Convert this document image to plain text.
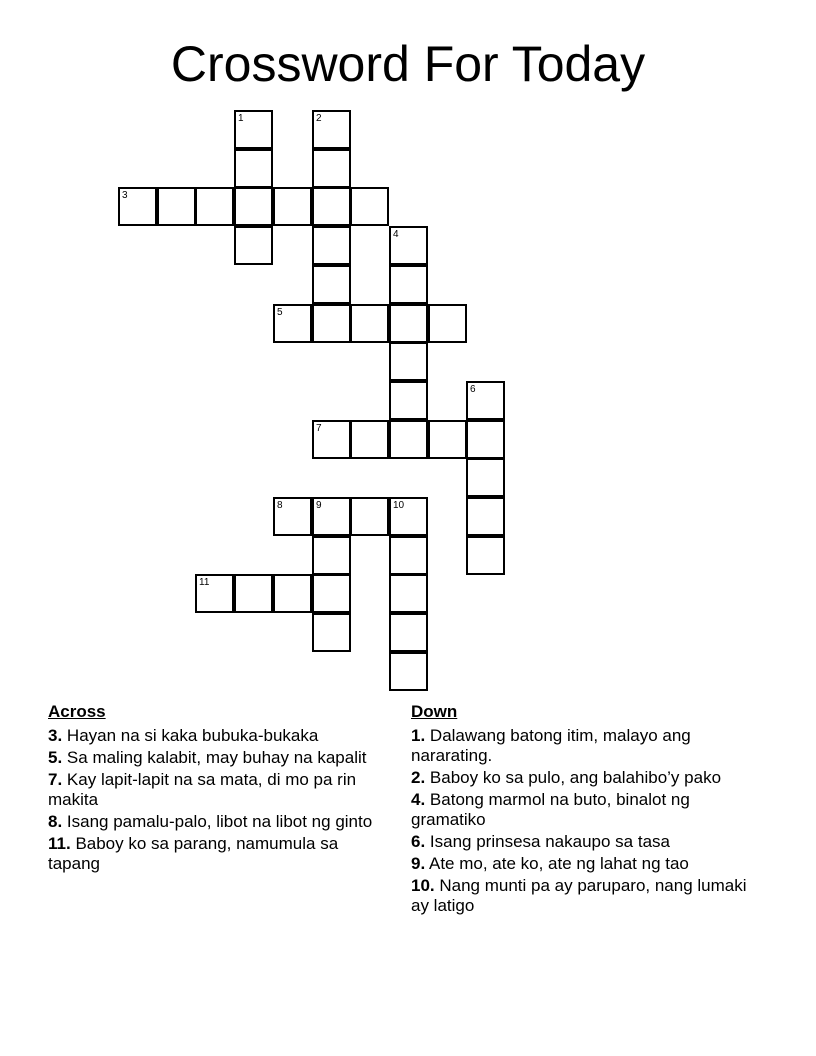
Crossword For Today
3
5
7
8	9	10
11
1	2
4
6
Across
3. Hayan na si kaka bubuka-bukaka
5. Sa maling kalabit, may buhay na kapalit
7. Kay lapit-lapit na sa mata, di mo pa rin makita
8. Isang pamalu-palo, libot na libot ng ginto
11. Baboy ko sa parang, namumula sa tapang
Down
1. Dalawang batong itim, malayo ang nararating.
2. Baboy ko sa pulo, ang balahibo’y pako
4. Batong marmol na buto, binalot ng gramatiko
6. Isang prinsesa nakaupo sa tasa
9. Ate mo, ate ko, ate ng lahat ng tao
10. Nang munti pa ay paruparo, nang lumaki ay latigo
